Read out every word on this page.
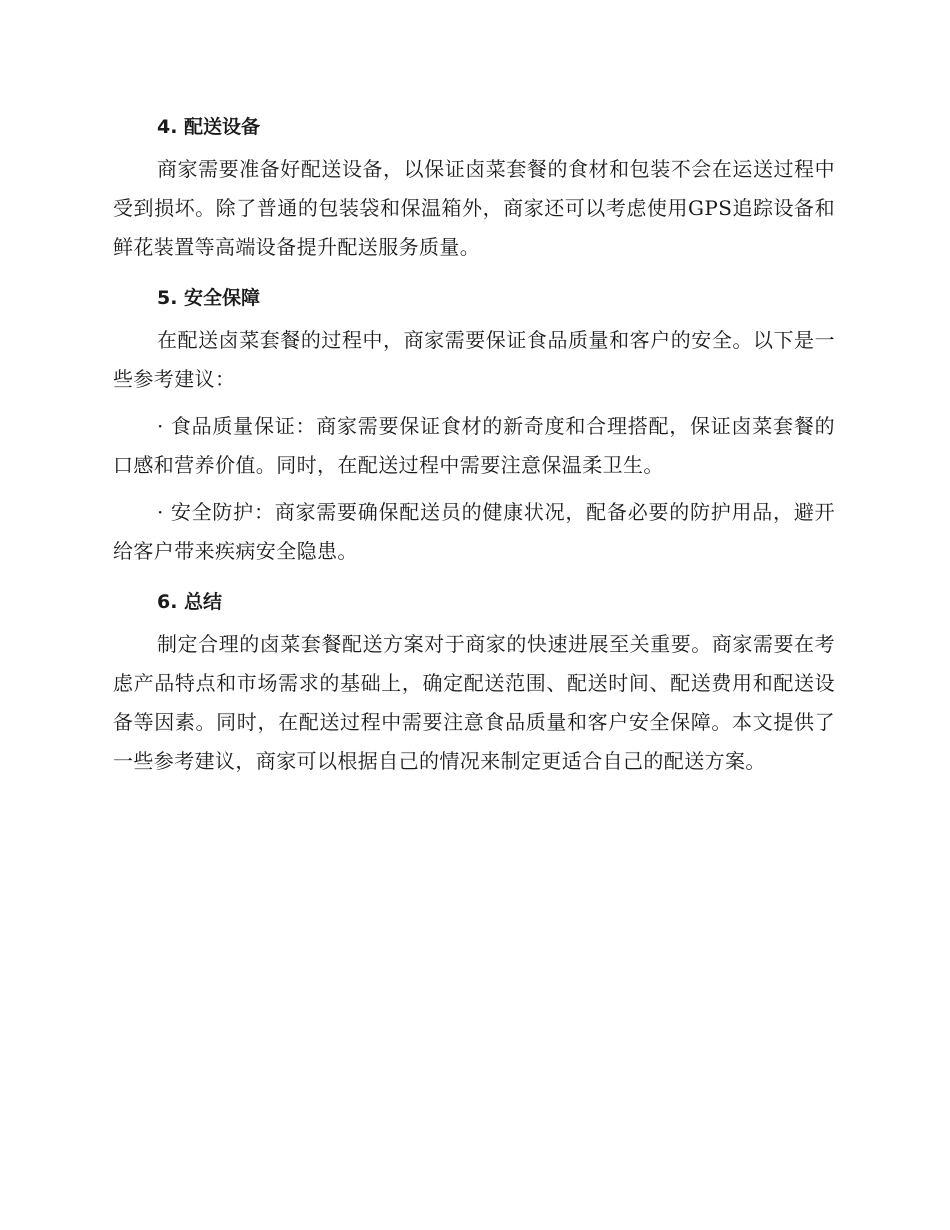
4. 配送设备

商家需要准备好配送设备，以保证卤菜套餐的食材和包装不会在运送过程中受到损坏。除了普通的包装袋和保温箱外，商家还可以考虑使用GPS追踪设备和鲜花装置等高端设备提升配送服务质量。

5. 安全保障

在配送卤菜套餐的过程中，商家需要保证食品质量和客户的安全。以下是一些参考建议：

· 食品质量保证：商家需要保证食材的新奇度和合理搭配，保证卤菜套餐的口感和营养价值。同时，在配送过程中需要注意保温柔卫生。

· 安全防护：商家需要确保配送员的健康状况，配备必要的防护用品，避开给客户带来疾病安全隐患。

6. 总结

制定合理的卤菜套餐配送方案对于商家的快速进展至关重要。商家需要在考虑产品特点和市场需求的基础上，确定配送范围、配送时间、配送费用和配送设备等因素。同时，在配送过程中需要注意食品质量和客户安全保障。本文提供了一些参考建议，商家可以根据自己的情况来制定更适合自己的配送方案。
